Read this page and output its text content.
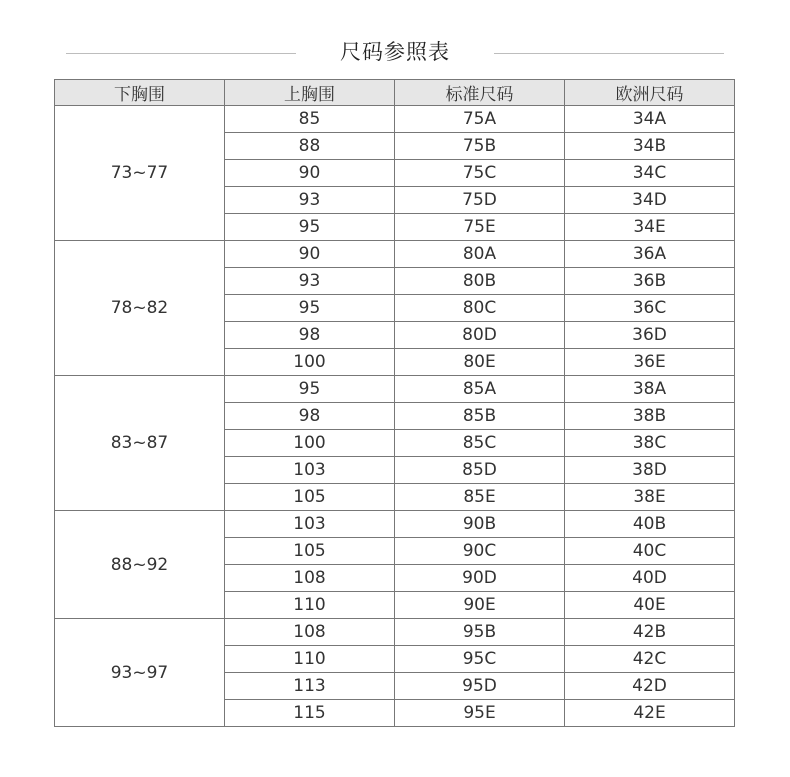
尺码参照表
下胸围	上胸围	标准尺码	欧洲尺码
73~77	85	75A	34A
	88	75B	34B
	90	75C	34C
	93	75D	34D
	95	75E	34E
78~82	90	80A	36A
	93	80B	36B
	95	80C	36C
	98	80D	36D
	100	80E	36E
83~87	95	85A	38A
	98	85B	38B
	100	85C	38C
	103	85D	38D
	105	85E	38E
88~92	103	90B	40B
	105	90C	40C
	108	90D	40D
	110	90E	40E
93~97	108	95B	42B
	110	95C	42C
	113	95D	42D
	115	95E	42E
